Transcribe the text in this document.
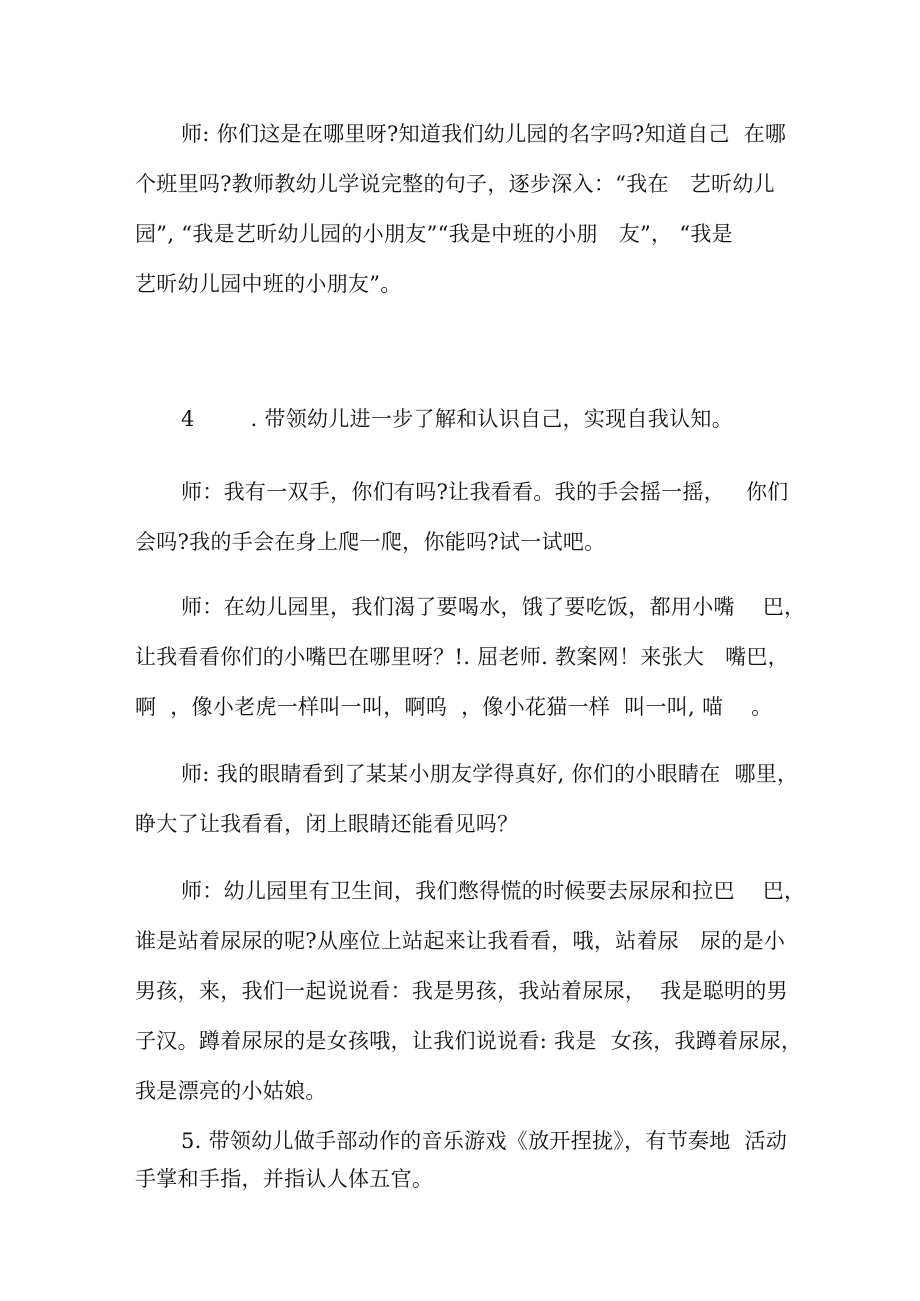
师: 你们这是在哪里呀?知道我们幼儿园的名字吗?知道自己  在哪
个班里吗?教师教幼儿学说完整的句子，逐步深入：“我在   艺昕幼儿
园”, “我是艺昕幼儿园的小朋友”“我是中班的小朋   友”， “我是
艺昕幼儿园中班的小朋友”。
4        . 带领幼儿进一步了解和认识自己，实现自我认知。
师：我有一双手，你们有吗?让我看看。我的手会摇一摇，   你们
会吗?我的手会在身上爬一爬，你能吗?试一试吧。
师：在幼儿园里，我们渴了要喝水，饿了要吃饭，都用小嘴    巴，
让我看看你们的小嘴巴在哪里呀？!. 屈老师. 教案网！来张大   嘴巴，
啊  ，像小老虎一样叫一叫，啊呜  ，像小花猫一样  叫一叫, 喵    。
师: 我的眼睛看到了某某小朋友学得真好, 你们的小眼睛在  哪里，
睁大了让我看看，闭上眼睛还能看见吗？
师：幼儿园里有卫生间，我们憋得慌的时候要去尿尿和拉巴    巴，
谁是站着尿尿的呢?从座位上站起来让我看看，哦，站着尿   尿的是小
男孩，来，我们一起说说看：我是男孩，我站着尿尿，  我是聪明的男
子汉。蹲着尿尿的是女孩哦，让我们说说看: 我是  女孩，我蹲着尿尿，
我是漂亮的小姑娘。
5. 带领幼儿做手部动作的音乐游戏《放开捏拢》，有节奏地  活动
手掌和手指，并指认人体五官。
